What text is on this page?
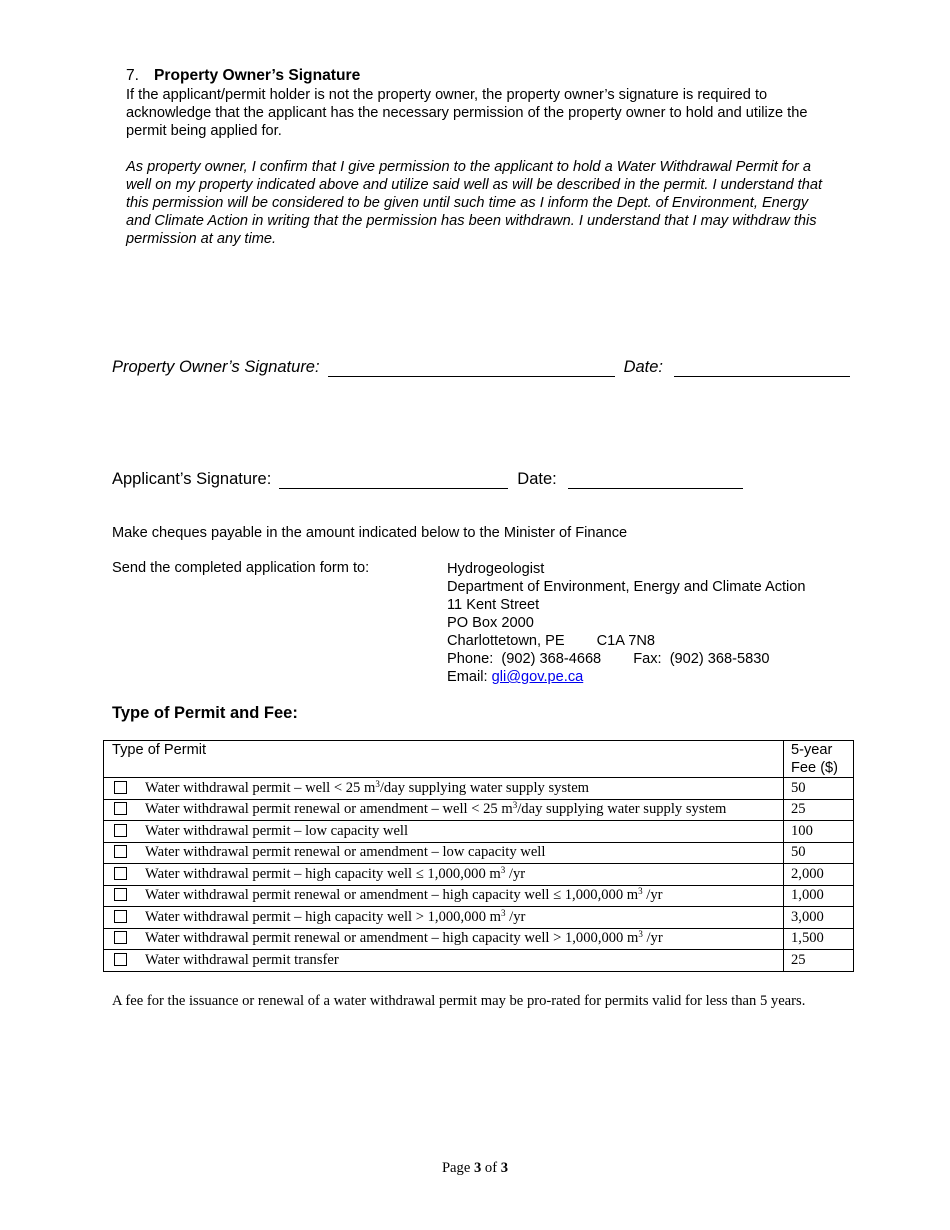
7. Property Owner’s Signature

If the applicant/permit holder is not the property owner, the property owner’s signature is required to acknowledge that the applicant has the necessary permission of the property owner to hold and utilize the permit being applied for.

As property owner, I confirm that I give permission to the applicant to hold a Water Withdrawal Permit for a well on my property indicated above and utilize said well as will be described in the permit. I understand that this permission will be considered to be given until such time as I inform the Dept. of Environment, Energy and Climate Action in writing that the permission has been withdrawn. I understand that I may withdraw this permission at any time.

Property Owner’s Signature:	Date:
Applicant’s Signature:	Date:
Make cheques payable in the amount indicated below to the Minister of Finance
Send the completed application form to:	Hydrogeologist
Department of Environment, Energy and Climate Action
11 Kent Street
PO Box 2000
Charlottetown, PE C1A 7N8
Phone: (902) 368-4668 Fax: (902) 368-5830
Email: gli@gov.pe.ca
Type of Permit and Fee:
Type of Permit	5-year
Fee ($)
Water withdrawal permit – well < 25 $m^3$/day supplying water supply system	50
Water withdrawal permit renewal or amendment – well < 25 $m^3$/day supplying water supply system	25
Water withdrawal permit – low capacity well	100
Water withdrawal permit renewal or amendment – low capacity well	50
Water withdrawal permit – high capacity well ≤ 1,000,000 $m^3$ /yr	2,000
Water withdrawal permit renewal or amendment – high capacity well ≤ 1,000,000 $m^3$ /yr	1,000
Water withdrawal permit – high capacity well > 1,000,000 $m^3$ /yr	3,000
Water withdrawal permit renewal or amendment – high capacity well > 1,000,000 $m^3$ /yr	1,500
Water withdrawal permit transfer	25
A fee for the issuance or renewal of a water withdrawal permit may be pro-rated for permits valid for less than 5 years.
Page 3 of 3
